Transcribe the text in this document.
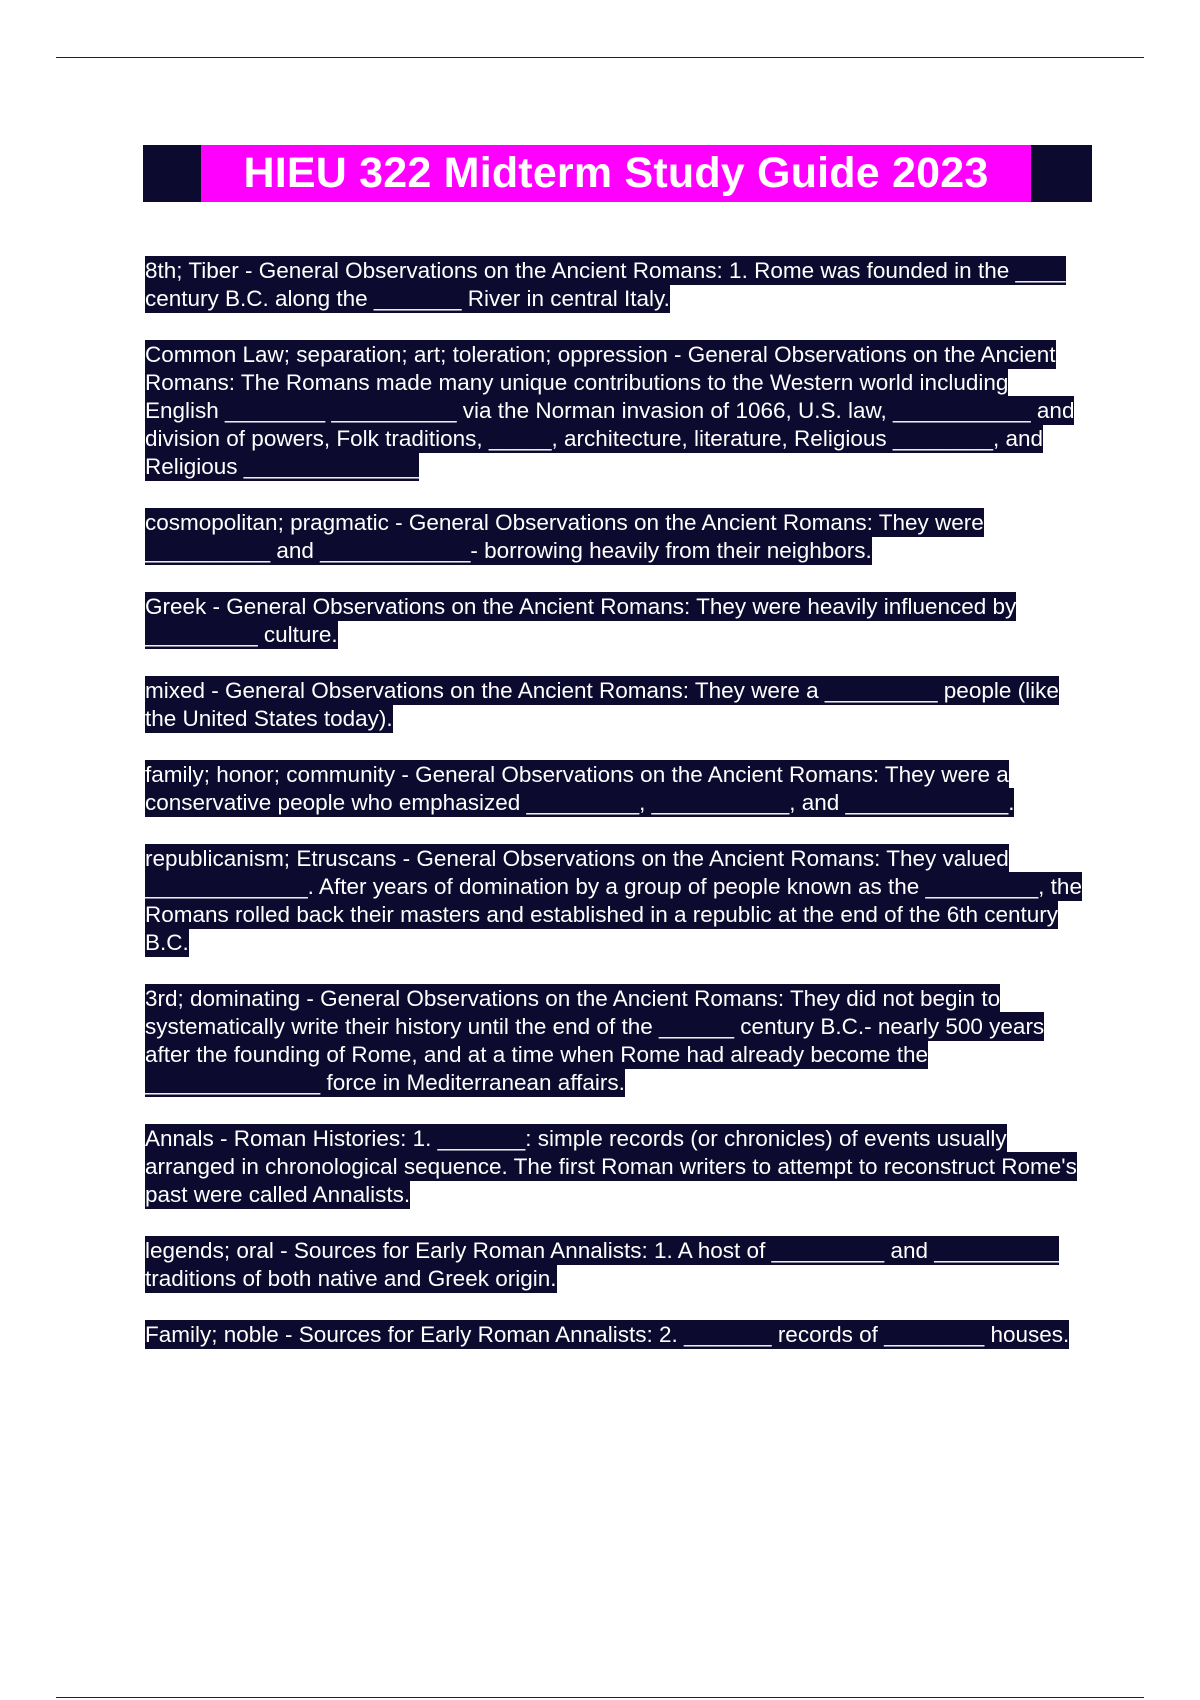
HIEU 322 Midterm Study Guide 2023

8th; Tiber - General Observations on the Ancient Romans: 1. Rome was founded in the ____ century B.C. along the _______ River in central Italy.

Common Law; separation; art; toleration; oppression - General Observations on the Ancient Romans: The Romans made many unique contributions to the Western world including English ________ __________ via the Norman invasion of 1066, U.S. law, ___________ and division of powers, Folk traditions, _____, architecture, literature, Religious ________, and Religious ______________

cosmopolitan; pragmatic - General Observations on the Ancient Romans: They were __________ and ____________- borrowing heavily from their neighbors.

Greek - General Observations on the Ancient Romans: They were heavily influenced by _________ culture.

mixed - General Observations on the Ancient Romans: They were a _________ people (like the United States today).

family; honor; community - General Observations on the Ancient Romans: They were a conservative people who emphasized _________, ___________, and _____________.

republicanism; Etruscans - General Observations on the Ancient Romans: They valued _____________. After years of domination by a group of people known as the _________, the Romans rolled back their masters and established in a republic at the end of the 6th century B.C.

3rd; dominating - General Observations on the Ancient Romans: They did not begin to systematically write their history until the end of the ______ century B.C.- nearly 500 years after the founding of Rome, and at a time when Rome had already become the ______________ force in Mediterranean affairs.

Annals - Roman Histories: 1. _______: simple records (or chronicles) of events usually arranged in chronological sequence. The first Roman writers to attempt to reconstruct Rome's past were called Annalists.

legends; oral - Sources for Early Roman Annalists: 1. A host of _________ and __________ traditions of both native and Greek origin.

Family; noble - Sources for Early Roman Annalists: 2. _______ records of ________ houses.
